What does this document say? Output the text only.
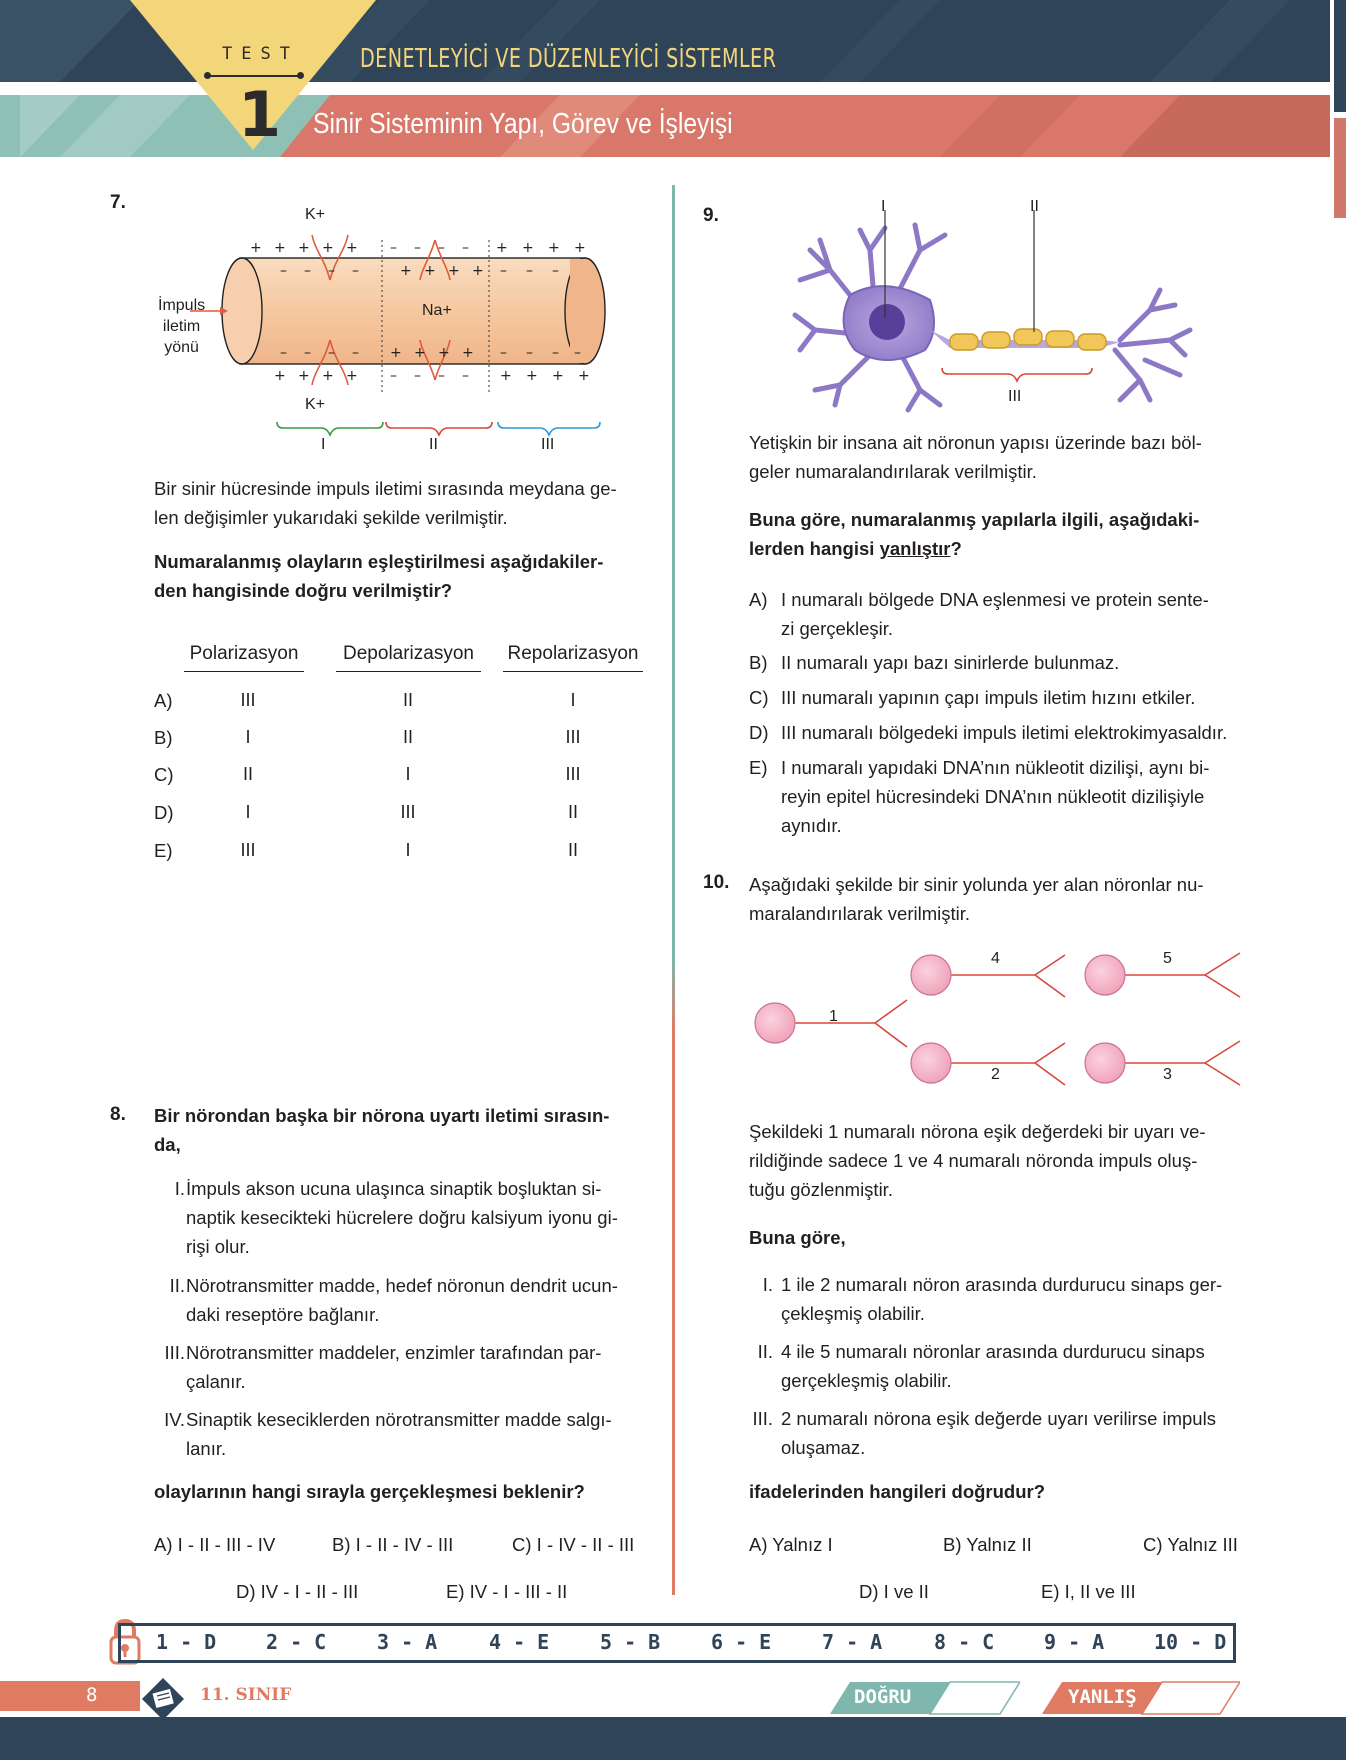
TEST
1
DENETLEYİCİ VE DÜZENLEYİCİ SİSTEMLER
Sinir Sisteminin Yapı, Görev ve İşleyişi
7.
+ + + + + – – – – + + + +
– – – –	+ + + + – – –
– – – – + + + + – – – –
+ + + + – – – – + + + +
K+
K+
Na+
İmpuls
iletim
yönü
I	II	III
Bir sinir hücresinde impuls iletimi sırasında meydana ge-
len değişimler yukarıdaki şekilde verilmiştir.
Numaralanmış olayların eşleştirilmesi aşağıdakiler-
den hangisinde doğru verilmiştir?
Polarizasyon	Depolarizasyon	Repolarizasyon
A)	III	II	I
B)	I	II	III
C)	II	I	III
D)	I	III	II
E)	III	I	II
8. Bir nörondan başka bir nörona uyartı iletimi sırasın-
da,
I. İmpuls akson ucuna ulaşınca sinaptik boşluktan si-
naptik kesecikteki hücrelere doğru kalsiyum iyonu gi-
rişi olur.
II. Nörotransmitter madde, hedef nöronun dendrit ucun-
daki reseptöre bağlanır.
III. Nörotransmitter maddeler, enzimler tarafından par-
çalanır.
IV. Sinaptik keseciklerden nörotransmitter madde salgı-
lanır.
olaylarının hangi sırayla gerçekleşmesi beklenir?
A) I - II - III - IV	B) I - II - IV - III	C) I - IV - II - III
D) IV - I - II - III	E) IV - I - III - II
9.	I	II
III
Yetişkin bir insana ait nöronun yapısı üzerinde bazı böl-
geler numaralandırılarak verilmiştir.
Buna göre, numaralanmış yapılarla ilgili, aşağıdaki-
lerden hangisi yanlıştır?
A) I numaralı bölgede DNA eşlenmesi ve protein sente-
zi gerçekleşir.
B) II numaralı yapı bazı sinirlerde bulunmaz.
C) III numaralı yapının çapı impuls iletim hızını etkiler.
D) III numaralı bölgedeki impuls iletimi elektrokimyasaldır.
E) I numaralı yapıdaki DNA’nın nükleotit dizilişi, aynı bi-
reyin epitel hücresindeki DNA’nın nükleotit dizilişiyle
aynıdır.
10. Aşağıdaki şekilde bir sinir yolunda yer alan nöronlar nu-
maralandırılarak verilmiştir.
1
2	3
4	5
Şekildeki 1 numaralı nörona eşik değerdeki bir uyarı ve-
rildiğinde sadece 1 ve 4 numaralı nöronda impuls oluş-
tuğu gözlenmiştir.
Buna göre,
I. 1 ile 2 numaralı nöron arasında durdurucu sinaps ger-
çekleşmiş olabilir.
II. 4 ile 5 numaralı nöronlar arasında durdurucu sinaps
gerçekleşmiş olabilir.
III. 2 numaralı nörona eşik değerde uyarı verilirse impuls
oluşamaz.
ifadelerinden hangileri doğrudur?
A) Yalnız I	B) Yalnız II	C) Yalnız III
D) I ve II	E) I, II ve III
1 - D 2 - C	3 - A	4 - E	5 - B	6 - E	7 - A	8 - C 9 - A 10 - D
8	11. SINIF	DOĞRU	YANLIŞ
